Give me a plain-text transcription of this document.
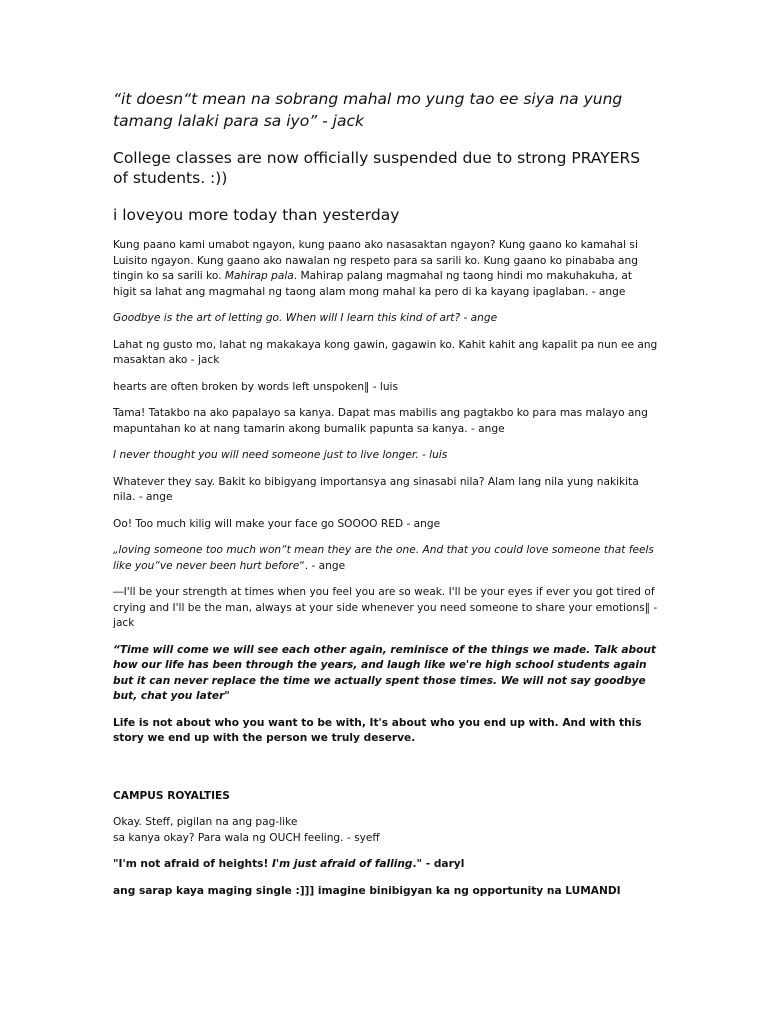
“it doesn“t mean na sobrang mahal mo yung tao ee siya na yung tamang lalaki para sa iyo” - jack

College classes are now officially suspended due to strong PRAYERS of students. :))

i loveyou more today than yesterday

Kung paano kami umabot ngayon, kung paano ako nasasaktan ngayon? Kung gaano ko kamahal si Luisito ngayon. Kung gaano ako nawalan ng respeto para sa sarili ko. Kung gaano ko pinababa ang tingin ko sa sarili ko. Mahirap pala. Mahirap palang magmahal ng taong hindi mo makuhakuha, at higit sa lahat ang magmahal ng taong alam mong mahal ka pero di ka kayang ipaglaban. - ange

Goodbye is the art of letting go. When will I learn this kind of art? - ange

Lahat ng gusto mo, lahat ng makakaya kong gawin, gagawin ko. Kahit kahit ang kapalit pa nun ee ang masaktan ako - jack

hearts are often broken by words left unspoken‖ - luis

Tama! Tatakbo na ako papalayo sa kanya. Dapat mas mabilis ang pagtakbo ko para mas malayo ang mapuntahan ko at nang tamarin akong bumalik papunta sa kanya. - ange

I never thought you will need someone just to live longer. - luis

Whatever they say. Bakit ko bibigyang importansya ang sinasabi nila? Alam lang nila yung nakikita nila. - ange

Oo! Too much kilig will make your face go SOOOO RED - ange

„loving someone too much won“t mean they are the one. And that you could love someone that feels like you“ve never been hurt before“. - ange

―I'll be your strength at times when you feel you are so weak. I'll be your eyes if ever you got tired of crying and I'll be the man, always at your side whenever you need someone to share your emotions‖ - jack

“Time will come we will see each other again, reminisce of the things we made. Talk about how our life has been through the years, and laugh like we're high school students again but it can never replace the time we actually spent those times. We will not say goodbye but, chat you later"

Life is not about who you want to be with, It's about who you end up with. And with this story we end up with the person we truly deserve.

CAMPUS ROYALTIES

Okay. Steff, pigilan na ang pag-like
sa kanya okay? Para wala ng OUCH feeling. - syeff

"I'm not afraid of heights! I'm just afraid of falling." - daryl

ang sarap kaya maging single :]]] imagine binibigyan ka ng opportunity na LUMANDI
